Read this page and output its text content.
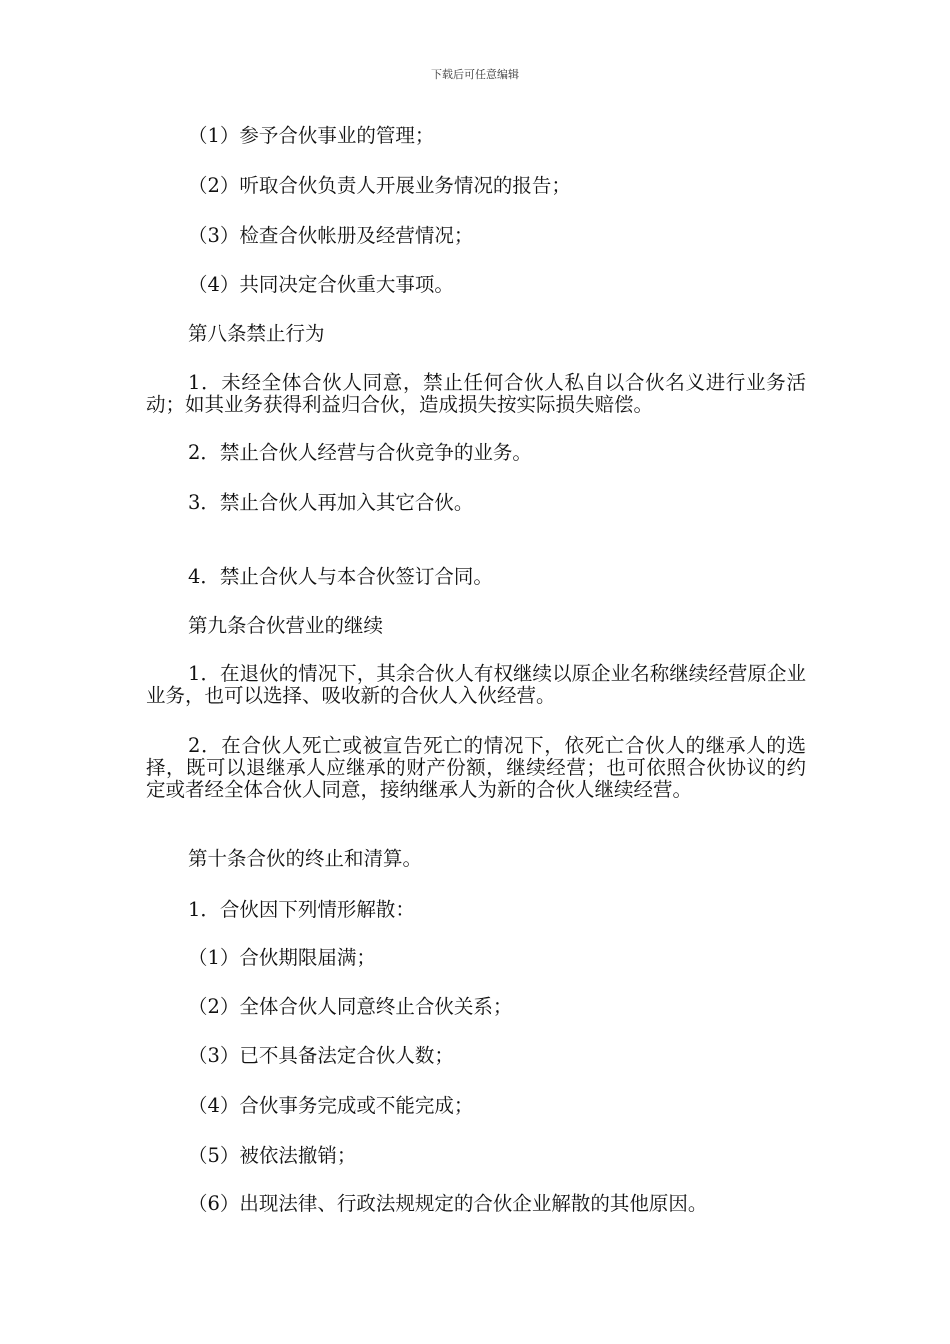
下载后可任意编辑
（1）参予合伙事业的管理；
（2）听取合伙负责人开展业务情况的报告；
（3）检查合伙帐册及经营情况；
（4）共同决定合伙重大事项。
第八条禁止行为
1．未经全体合伙人同意，禁止任何合伙人私自以合伙名义进行业务活动；如其业务获得利益归合伙，造成损失按实际损失赔偿。
2．禁止合伙人经营与合伙竞争的业务。
3．禁止合伙人再加入其它合伙。
4．禁止合伙人与本合伙签订合同。
第九条合伙营业的继续
1．在退伙的情况下，其余合伙人有权继续以原企业名称继续经营原企业业务，也可以选择、吸收新的合伙人入伙经营。
2．在合伙人死亡或被宣告死亡的情况下，依死亡合伙人的继承人的选择，既可以退继承人应继承的财产份额，继续经营；也可依照合伙协议的约定或者经全体合伙人同意，接纳继承人为新的合伙人继续经营。
第十条合伙的终止和清算。
1．合伙因下列情形解散：
（1）合伙期限届满；
（2）全体合伙人同意终止合伙关系；
（3）已不具备法定合伙人数；
（4）合伙事务完成或不能完成；
（5）被依法撤销；
（6）出现法律、行政法规规定的合伙企业解散的其他原因。
